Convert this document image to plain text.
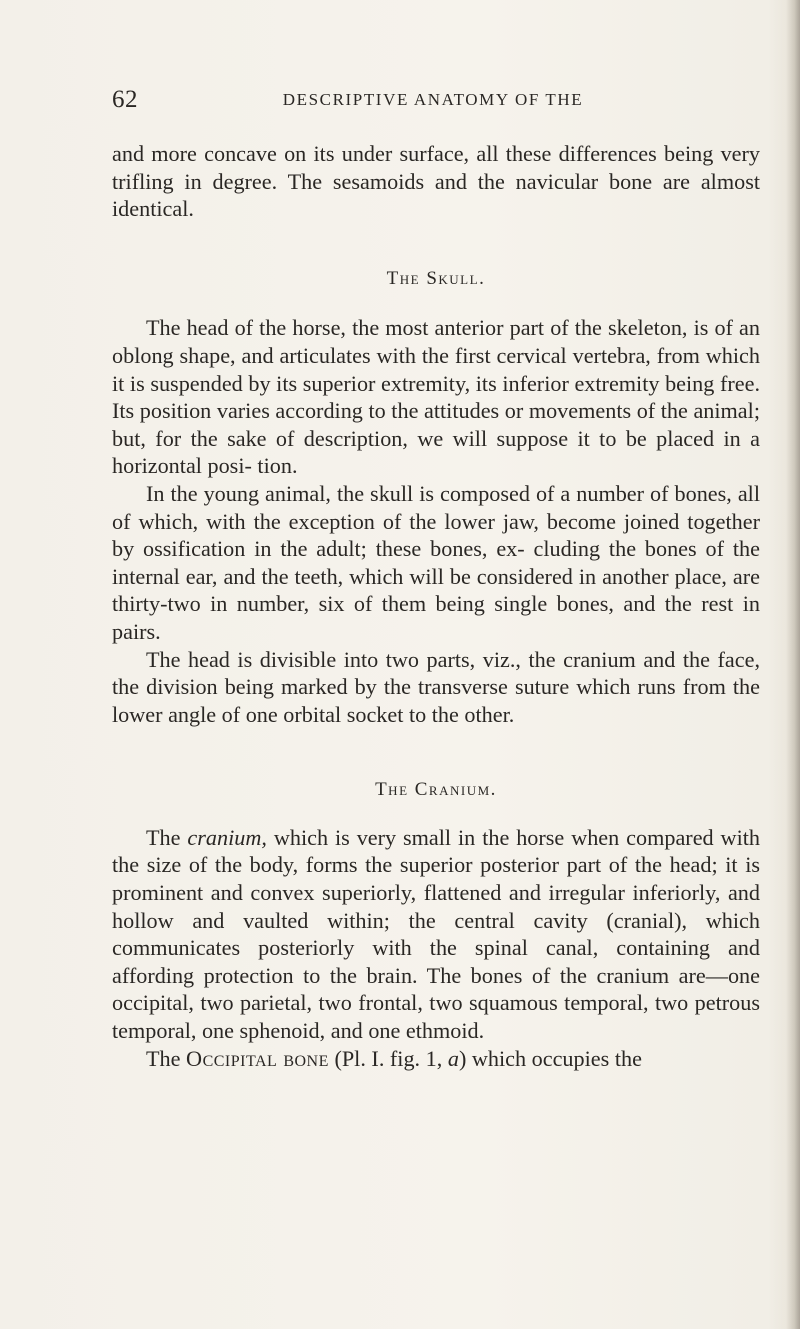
62	DESCRIPTIVE ANATOMY OF THE

and more concave on its under surface, all these differences being very trifling in degree. The sesamoids and the navicular bone are almost identical.

The Skull.

The head of the horse, the most anterior part of the skeleton, is of an oblong shape, and articulates with the first cervical vertebra, from which it is suspended by its superior extremity, its inferior extremity being free. Its position varies according to the attitudes or movements of the animal; but, for the sake of description, we will suppose it to be placed in a horizontal posi- tion.

In the young animal, the skull is composed of a number of bones, all of which, with the exception of the lower jaw, become joined together by ossification in the adult; these bones, ex- cluding the bones of the internal ear, and the teeth, which will be considered in another place, are thirty-two in number, six of them being single bones, and the rest in pairs.

The head is divisible into two parts, viz., the cranium and the face, the division being marked by the transverse suture which runs from the lower angle of one orbital socket to the other.

The Cranium.

The cranium, which is very small in the horse when compared with the size of the body, forms the superior posterior part of the head; it is prominent and convex superiorly, flattened and irregular inferiorly, and hollow and vaulted within; the central cavity (cranial), which communicates posteriorly with the spinal canal, containing and affording protection to the brain. The bones of the cranium are—one occipital, two parietal, two frontal, two squamous temporal, two petrous temporal, one sphenoid, and one ethmoid.

The Occipital bone (Pl. I. fig. 1, a) which occupies the
